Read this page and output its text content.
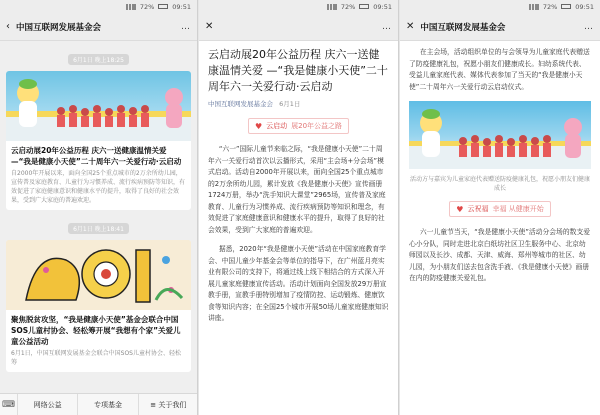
72%	09:51
‹ 中国互联网发展基金会	…
6月1日 晚上18:25
云启动展20年公益历程 庆六一送健康温情关爱 —“我是健康小天使”二十周年六一关爱行动·云启动
自2000年开展以来，面向全国25个重点城市的2万余所幼儿园，宣传普及家庭教育、儿童行为习惯养成、流行疾病预防等知识，有效促进了家庭健康意识和健康水平的提升，取得了良好的社会效果，受到广大家庭的普遍欢迎。
6月1日 晚上18:41
聚焦脱贫攻坚，“我是健康小天使”基金会联合中国SOS儿童村协会、轻松筹开展“我想有个家”关爱儿童公益活动
6月1日，中国互联网发展基金会联合中国SOS儿童村协会、轻松筹
⌨	网络公益	专项基金	≡ 关于我们
72%	09:51
✕	…
云启动展20年公益历程 庆六一送健康温情关爱 —“我是健康小天使”二十周年六一关爱行动·云启动
中国互联网发展基金会 6月1日
♥ 云启动 展20年公益之路

“六一”国际儿童节来临之际，“我是健康小天使”二十周年六一关爱行动首次以云播形式，采用“主会场+分会场”模式启动。活动自2000年开展以来，面向全国25个重点城市的2万余所幼儿园，累计发放《我是健康小天使》宣传画册1724万册，举办“洗手知识大课堂”2965场，宣传普及家庭教育、儿童行为习惯养成、流行疾病预防等知识和理念，有效促进了家庭健康意识和健康水平的提升，取得了良好的社会效果，受到广大家庭的普遍欢迎。

据悉，2020年“我是健康小天使”活动在中国家庭教育学会、中国儿童少年基金会等单位的指导下，在广州蓝月亮实业有限公司的支持下，将通过线上线下相结合的方式深入开展儿童家庭健康宣传活动。活动计划面向全国发放29万册宣教手册，宣教手册特别增加了疫情防控、运动锻炼、健康饮食等知识内容；在全国25个城市开展50场儿童家庭健康知识讲座。

72%	09:51
✕ 中国互联网发展基金会	…

在主会场，活动组织单位的与会领导为儿童家庭代表赠送了防疫健康礼包，祝愿小朋友们健康成长。妇幼系统代表、受益儿童家庭代表、媒体代表参加了当天的“我是健康小天使”二十周年六一关爱行动云启动仪式。

活动方与嘉宾为儿童家庭代表赠送防疫健康礼包，祝愿小朋友们健康成长
♥ 云祝福 幸福 从健康开始

六一儿童节当天，“我是健康小天使”活动分会场的数支爱心小分队，同时走进北京白纸坊社区卫生服务中心、北京幼师园以及长沙、成都、天津、威海、郑州等城市的社区、幼儿园，为小朋友们送去包含洗手液、《我是健康小天使》画册在内的防疫健康关爱礼包。
